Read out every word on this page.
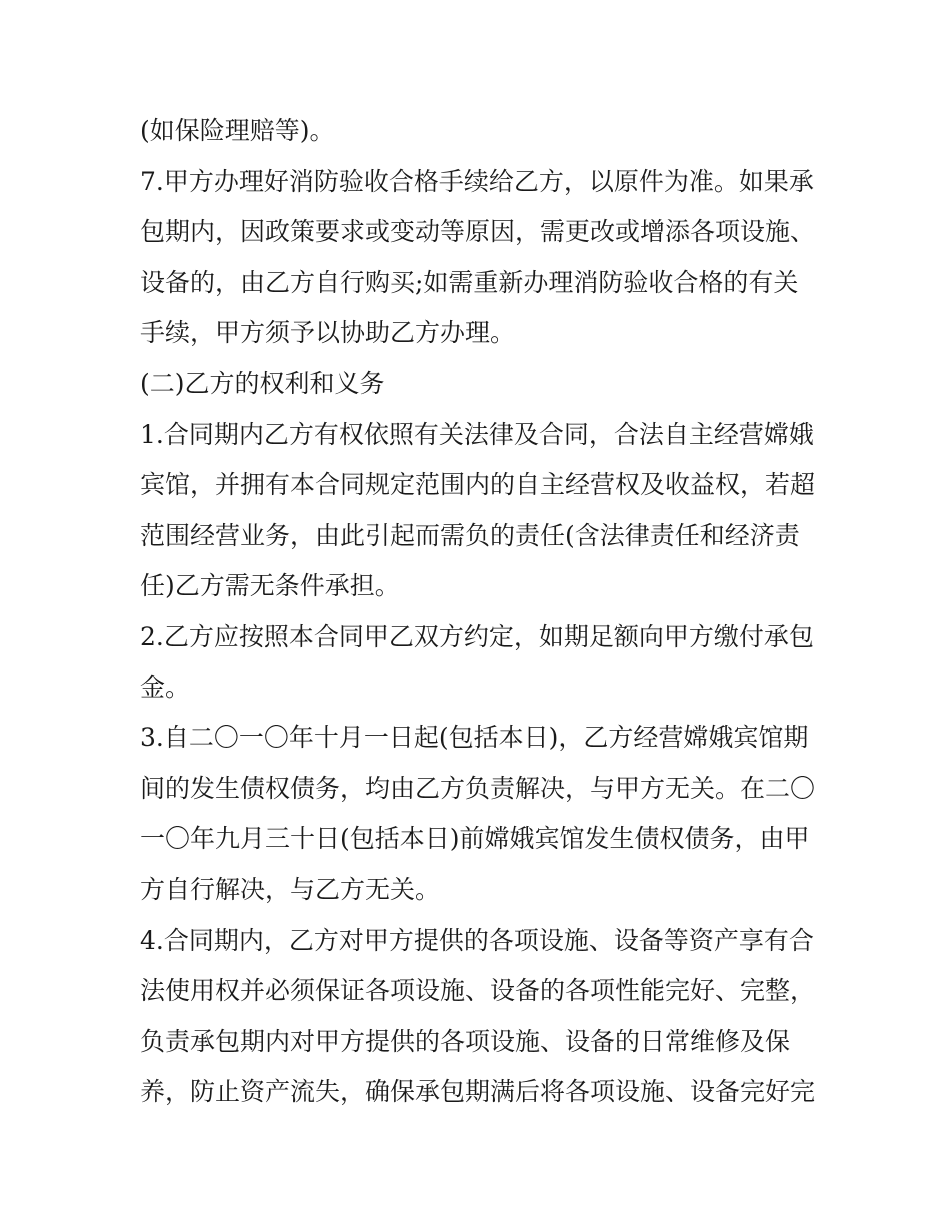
(如保险理赔等)。
7.甲方办理好消防验收合格手续给乙方，以原件为准。如果承
包期内，因政策要求或变动等原因，需更改或增添各项设施、
设备的，由乙方自行购买;如需重新办理消防验收合格的有关
手续，甲方须予以协助乙方办理。
(二)乙方的权利和义务
1.合同期内乙方有权依照有关法律及合同，合法自主经营嫦娥
宾馆，并拥有本合同规定范围内的自主经营权及收益权，若超
范围经营业务，由此引起而需负的责任(含法律责任和经济责
任)乙方需无条件承担。
2.乙方应按照本合同甲乙双方约定，如期足额向甲方缴付承包
金。
3.自二〇一〇年十月一日起(包括本日)，乙方经营嫦娥宾馆期
间的发生债权债务，均由乙方负责解决，与甲方无关。在二〇
一〇年九月三十日(包括本日)前嫦娥宾馆发生债权债务，由甲
方自行解决，与乙方无关。
4.合同期内，乙方对甲方提供的各项设施、设备等资产享有合
法使用权并必须保证各项设施、设备的各项性能完好、完整，
负责承包期内对甲方提供的各项设施、设备的日常维修及保
养，防止资产流失，确保承包期满后将各项设施、设备完好完
